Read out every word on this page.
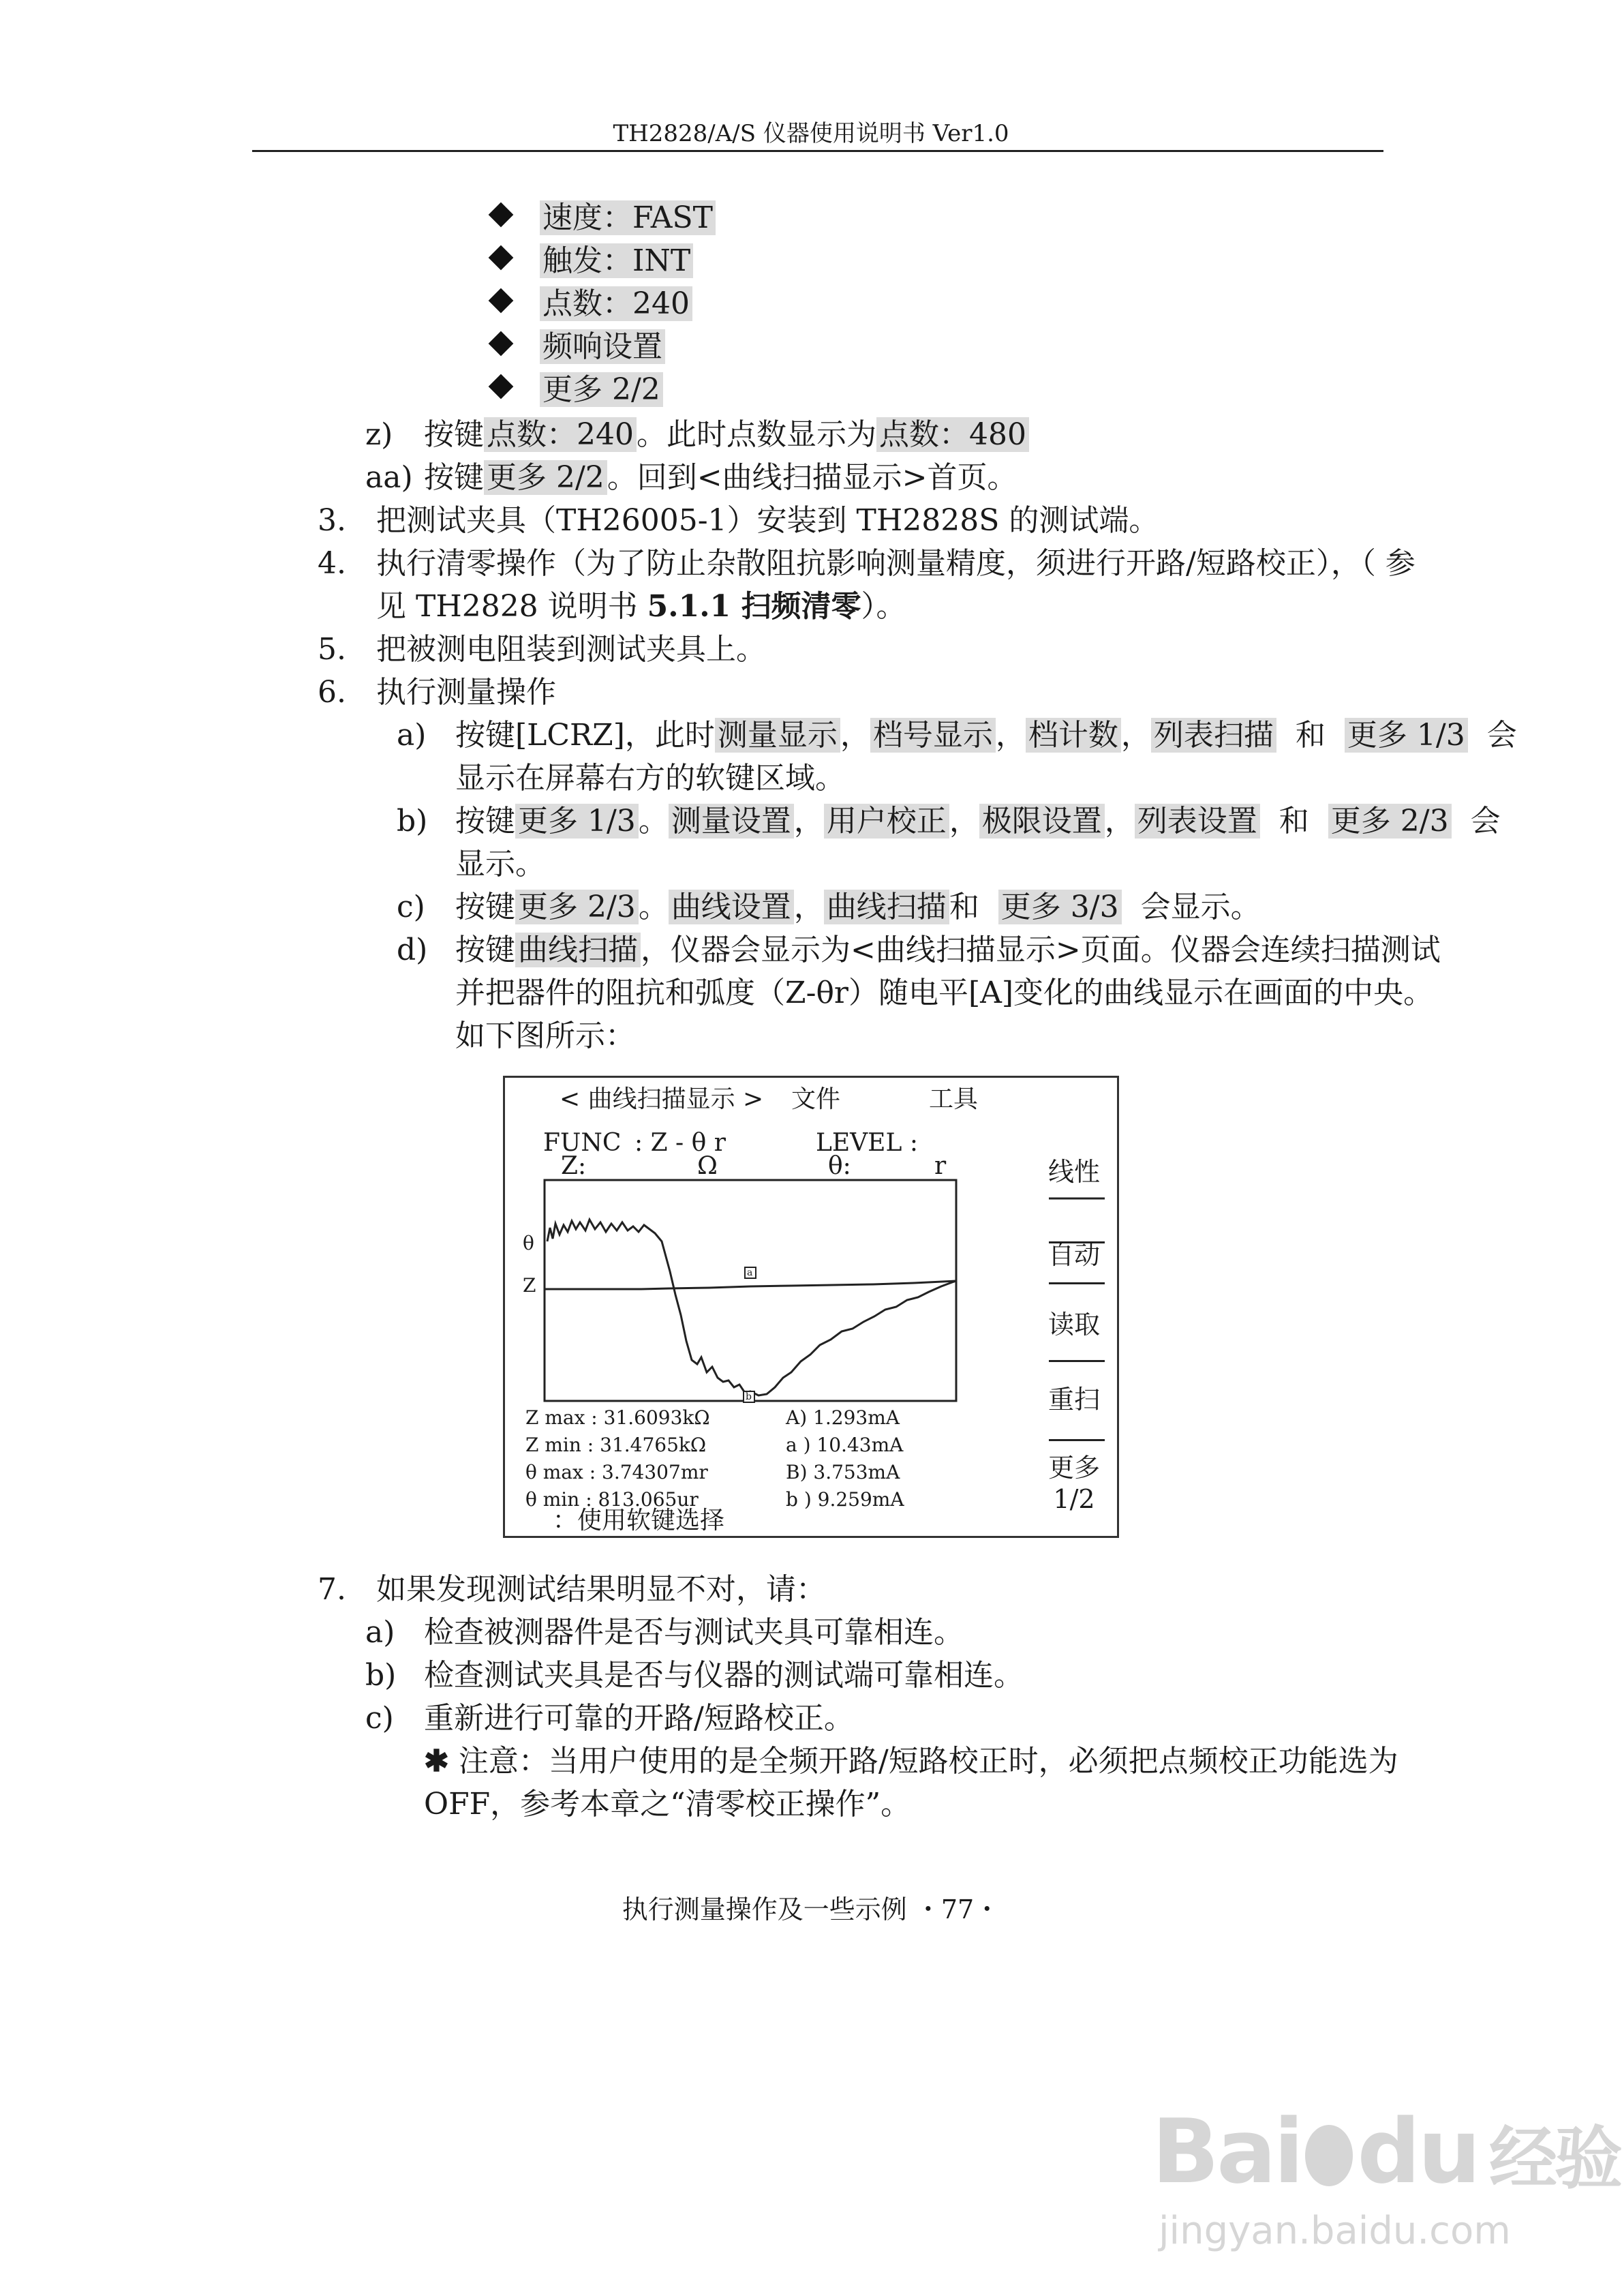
TH2828/A/S 仪器使用说明书 Ver1.0
速度：FAST
触发：INT
点数：240
频响设置
更多 2/2
z) 按键点数：240。此时点数显示为点数：480
aa) 按键更多 2/2。回到<曲线扫描显示>首页。
3. 把测试夹具（TH26005-1）安装到 TH2828S 的测试端。
4. 执行清零操作（为了防止杂散阻抗影响测量精度，须进行开路/短路校正），（ 参
见 TH2828 说明书 5.1.1 扫频清零）。
5. 把被测电阻装到测试夹具上。
6. 执行测量操作
a) 按键[LCRZ]，此时测量显示，档号显示，档计数，列表扫描 和 更多 1/3 会
显示在屏幕右方的软键区域。
b) 按键更多 1/3。测量设置，用户校正，极限设置，列表设置 和 更多 2/3 会
显示。
c) 按键更多 2/3。曲线设置，曲线扫描和 更多 3/3 会显示。
d) 按键曲线扫描，仪器会显示为<曲线扫描显示>页面。仪器会连续扫描测试
并把器件的阻抗和弧度（Z-θr）随电平[A]变化的曲线显示在画面的中央。
如下图所示：
< 曲线扫描显示 > 文件	工具
FUNC : Z - θ r	LEVEL :
Z:	Ω	θ:	r
θ
Z
a
b
Z max : 31.6093kΩ	A) 1.293mA
Z min : 31.4765kΩ	a ) 10.43mA
θ max : 3.74307mr	B) 3.753mA
θ min : 813.065ur	b ) 9.259mA
：使用软键选择
线性
自动
读取
重扫
更多
1/2
7. 如果发现测试结果明显不对，请：
a) 检查被测器件是否与测试夹具可靠相连。
b) 检查测试夹具是否与仪器的测试端可靠相连。
c) 重新进行可靠的开路/短路校正。
✱ 注意：当用户使用的是全频开路/短路校正时，必须把点频校正功能选为
OFF，参考本章之“清零校正操作”。
执行测量操作及一些示例 ・77・
Bai du 经验
jingyan.baidu.com
